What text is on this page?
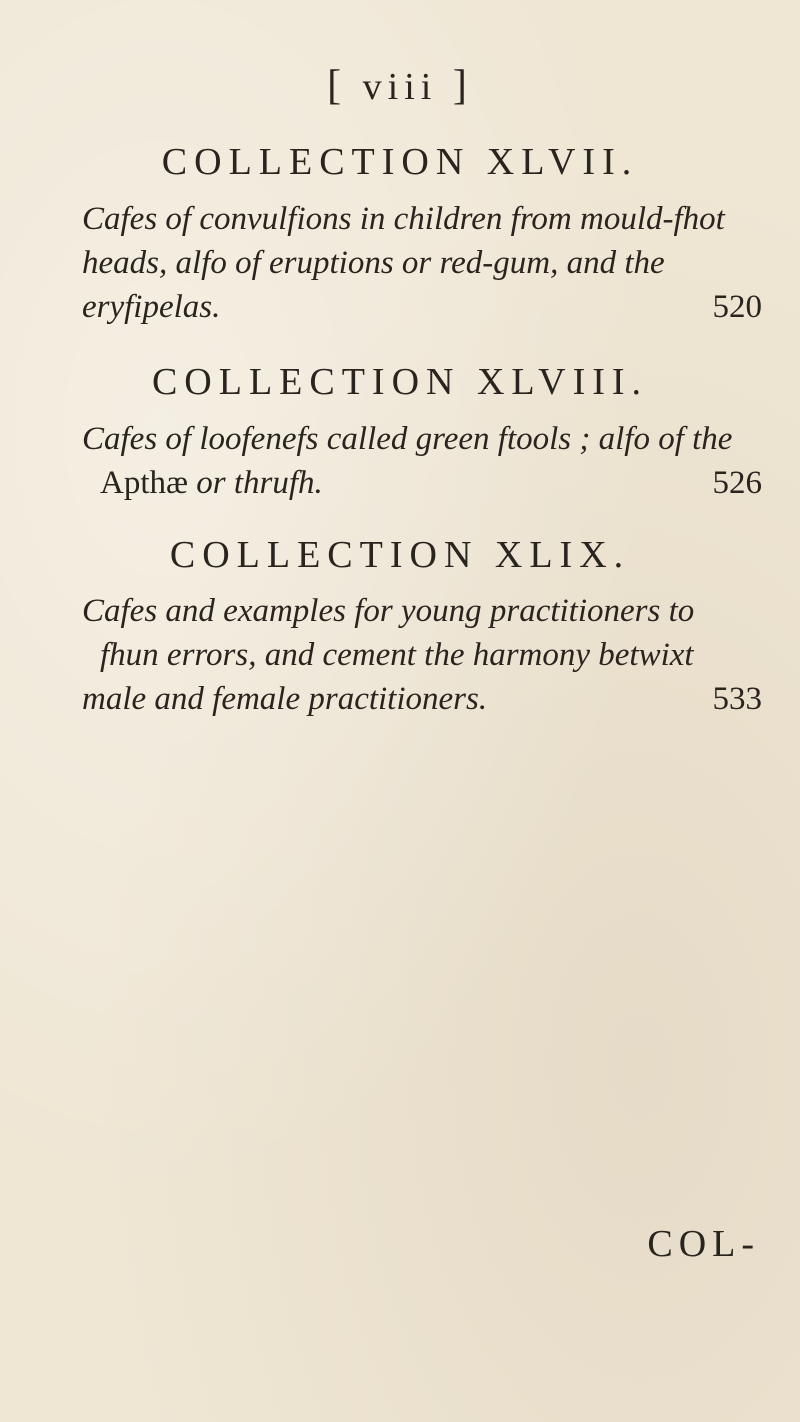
[ viii ]
COLLECTION XLVII.
Cafes of convulfions in children from mould-fhot
heads, alfo of eruptions or red-gum, and the
eryfipelas.	520
COLLECTION XLVIII.
Cafes of loofenefs called green ftools ; alfo of the
Apthæ or thrufh.	526
COLLECTION XLIX.
Cafes and examples for young practitioners to
fhun errors, and cement the harmony betwixt
male and female practitioners.	533
COL-
